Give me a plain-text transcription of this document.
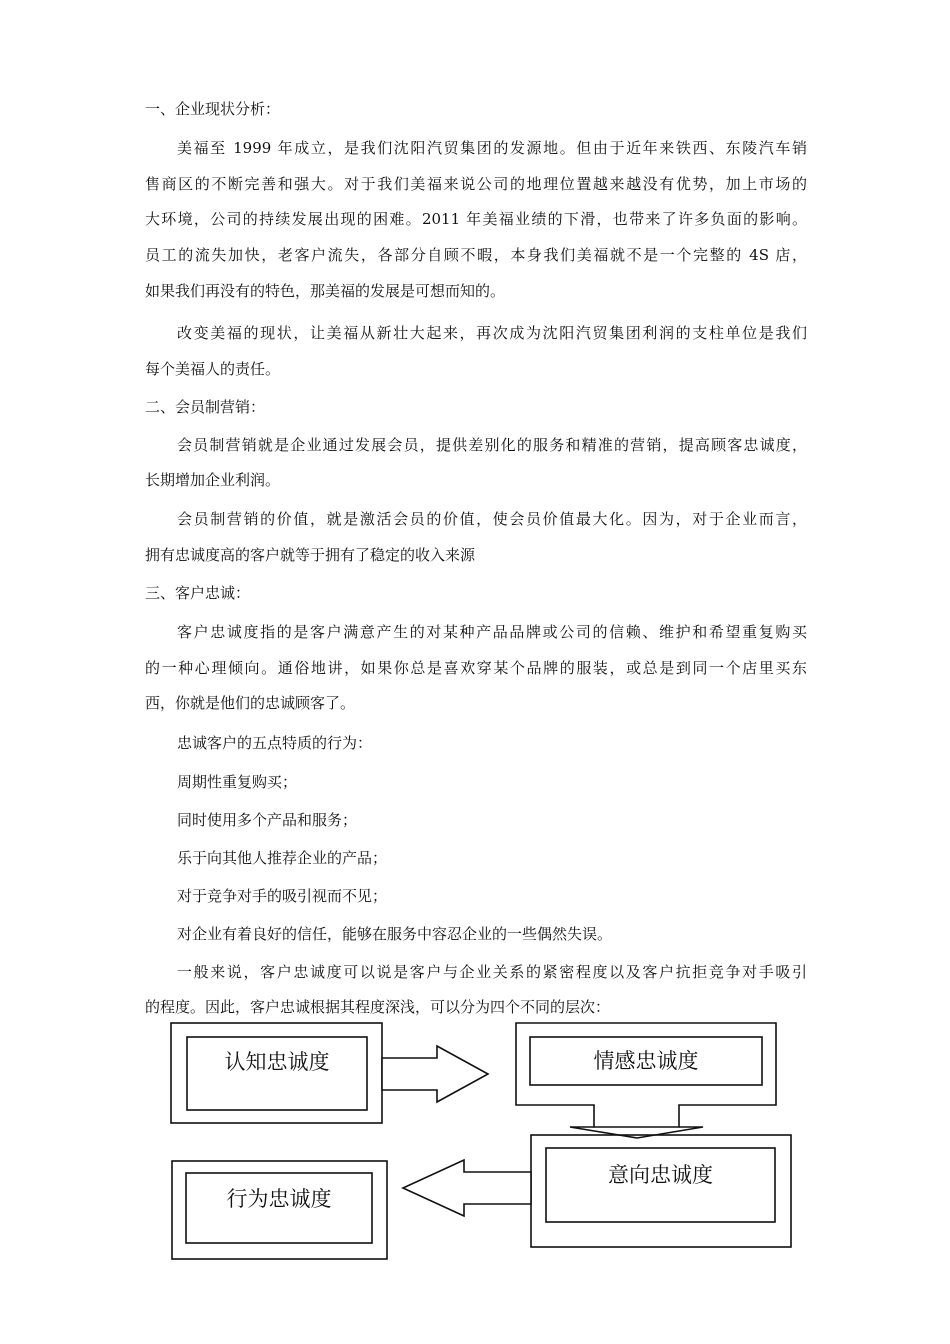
一、企业现状分析：
美福至 1999 年成立，是我们沈阳汽贸集团的发源地。但由于近年来铁西、东陵汽车销
售商区的不断完善和强大。对于我们美福来说公司的地理位置越来越没有优势，加上市场的
大环境，公司的持续发展出现的困难。2011 年美福业绩的下滑，也带来了许多负面的影响。
员工的流失加快，老客户流失，各部分自顾不暇，本身我们美福就不是一个完整的 4S 店，
如果我们再没有的特色，那美福的发展是可想而知的。
改变美福的现状，让美福从新壮大起来，再次成为沈阳汽贸集团利润的支柱单位是我们
每个美福人的责任。
二、会员制营销：
会员制营销就是企业通过发展会员，提供差别化的服务和精准的营销，提高顾客忠诚度，
长期增加企业利润。
会员制营销的价值，就是激活会员的价值，使会员价值最大化。因为，对于企业而言，
拥有忠诚度高的客户就等于拥有了稳定的收入来源
三、客户忠诚：
客户忠诚度指的是客户满意产生的对某种产品品牌或公司的信赖、维护和希望重复购买
的一种心理倾向。通俗地讲，如果你总是喜欢穿某个品牌的服装，或总是到同一个店里买东
西，你就是他们的忠诚顾客了。
忠诚客户的五点特质的行为：
周期性重复购买；
同时使用多个产品和服务；
乐于向其他人推荐企业的产品；
对于竞争对手的吸引视而不见；
对企业有着良好的信任，能够在服务中容忍企业的一些偶然失误。
一般来说，客户忠诚度可以说是客户与企业关系的紧密程度以及客户抗拒竞争对手吸引
的程度。因此，客户忠诚根据其程度深浅，可以分为四个不同的层次：
认知忠诚度	情感忠诚度
意向忠诚度
行为忠诚度
